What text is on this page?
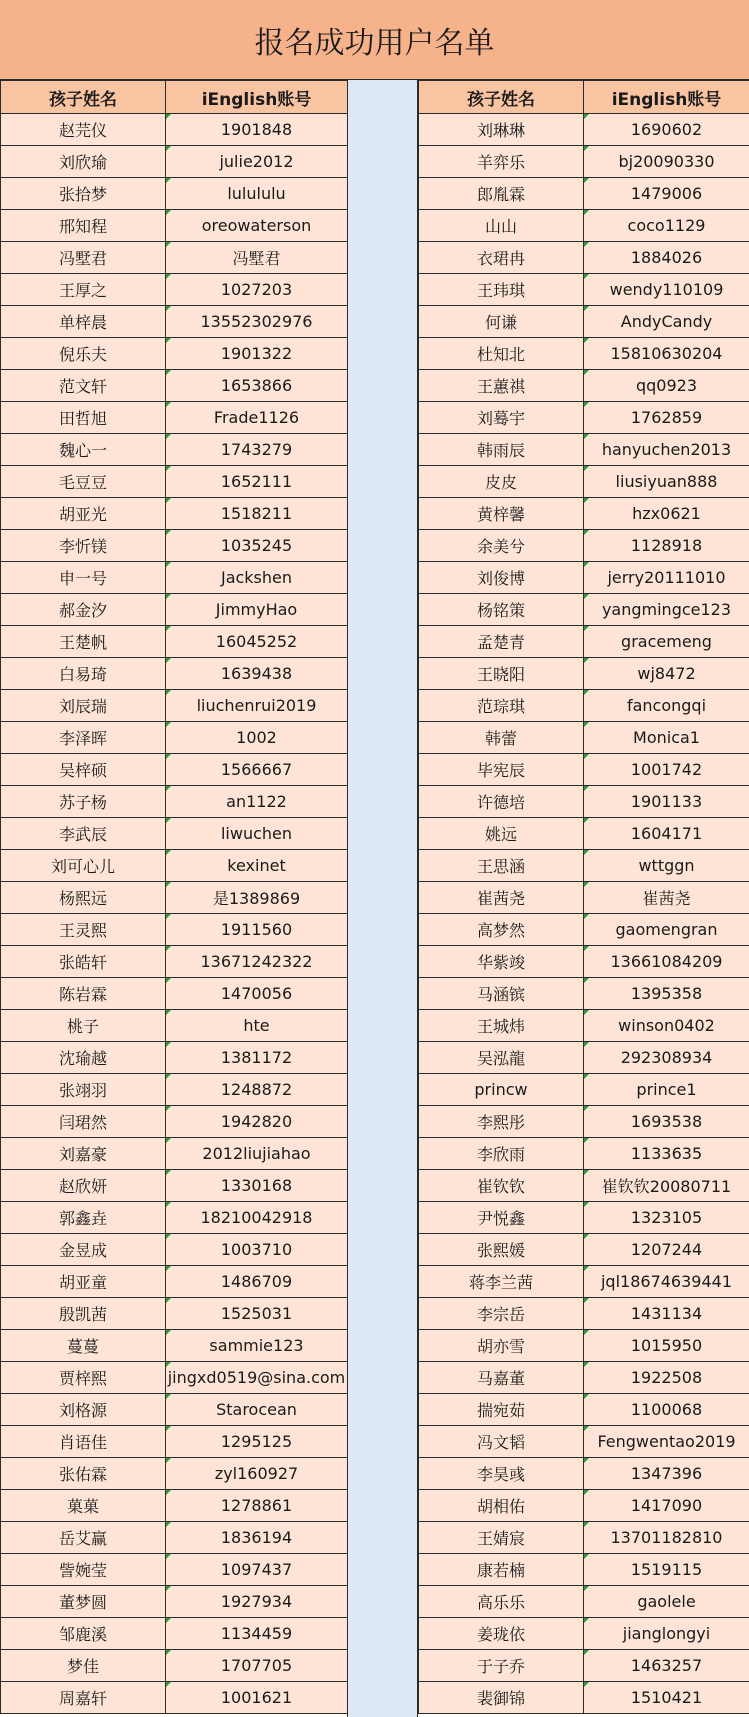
报名成功用户名单
孩子姓名	iEnglish账号
赵芫仪	1901848
刘欣瑜	julie2012
张拾梦	lulululu
邢知程	oreowaterson
冯墅君	冯墅君
王厚之	1027203
单梓晨	13552302976
倪乐夫	1901322
范文轩	1653866
田哲旭	Frade1126
魏心一	1743279
毛豆豆	1652111
胡亚光	1518211
李忻镁	1035245
申一号	Jackshen
郝金汐	JimmyHao
王楚帆	16045252
白易琦	1639438
刘辰瑞	liuchenrui2019
李泽晖	1002
吴梓硕	1566667
苏子杨	an1122
李武辰	liwuchen
刘可心儿	kexinet
杨熙远	是1389869
王灵熙	1911560
张皓轩	13671242322
陈岩霖	1470056
桃子	hte
沈瑜越	1381172
张翊羽	1248872
闫珺然	1942820
刘嘉豪	2012liujiahao
赵欣妍	1330168
郭鑫垚	18210042918
金昱成	1003710
胡亚童	1486709
殷凯茜	1525031
蔓蔓	sammie123
贾梓熙	jingxd0519@sina.com
刘格源	Starocean
肖语佳	1295125
张佑霖	zyl160927
菓菓	1278861
岳艾赢	1836194
訾婉莹	1097437
董梦圆	1927934
邹鹿溪	1134459
梦佳	1707705
周嘉轩	1001621
孩子姓名	iEnglish账号
刘琳琳	1690602
羊弈乐	bj20090330
郎胤霖	1479006
山山	coco1129
衣珺冉	1884026
王玮琪	wendy110109
何谦	AndyCandy
杜知北	15810630204
王蕙祺	qq0923
刘蓦宇	1762859
韩雨辰	hanyuchen2013
皮皮	liusiyuan888
黄梓馨	hzx0621
余美兮	1128918
刘俊博	jerry20111010
杨铭策	yangmingce123
孟楚青	gracemeng
王晓阳	wj8472
范琮琪	fancongqi
韩蕾	Monica1
毕宪辰	1001742
许德培	1901133
姚远	1604171
王思涵	wttggn
崔茜尧	崔茜尧
高梦然	gaomengran
华紫竣	13661084209
马涵镔	1395358
王城炜	winson0402
吴泓龍	292308934
princw	prince1
李熙彤	1693538
李欣雨	1133635
崔钦钦	崔钦钦20080711
尹悦鑫	1323105
张熙媛	1207244
蒋李兰茜	jql18674639441
李宗岳	1431134
胡亦雪	1015950
马嘉董	1922508
揣宛茹	1100068
冯文韬	Fengwentao2019
李昊彧	1347396
胡相佑	1417090
王婧宸	13701182810
康若楠	1519115
高乐乐	gaolele
姜珑依	jianglongyi
于子乔	1463257
裴御锦	1510421
